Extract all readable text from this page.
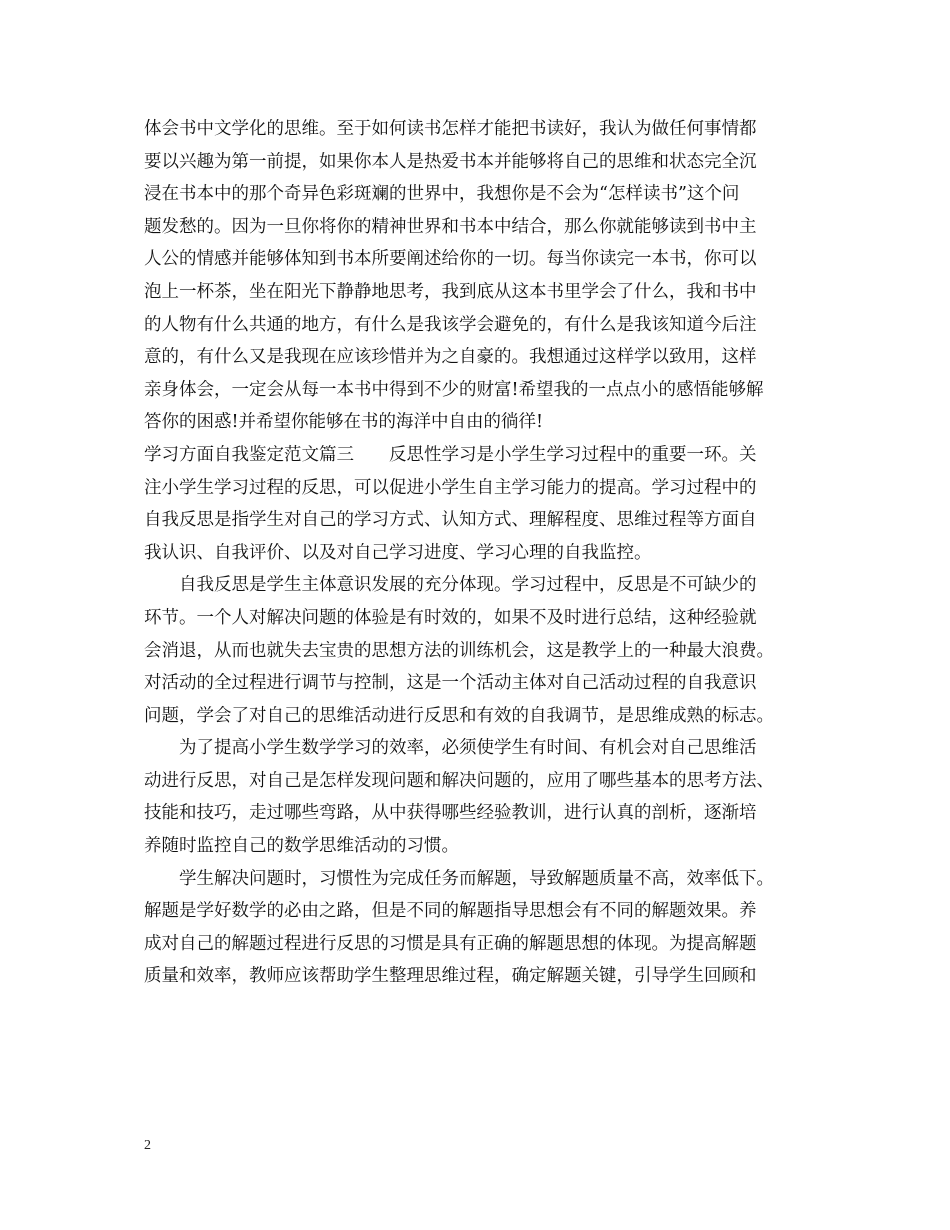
体会书中文学化的思维。至于如何读书怎样才能把书读好，我认为做任何事情都
要以兴趣为第一前提，如果你本人是热爱书本并能够将自己的思维和状态完全沉
浸在书本中的那个奇异色彩斑斓的世界中，我想你是不会为“怎样读书”这个问
题发愁的。因为一旦你将你的精神世界和书本中结合，那么你就能够读到书中主
人公的情感并能够体知到书本所要阐述给你的一切。每当你读完一本书，你可以
泡上一杯茶，坐在阳光下静静地思考，我到底从这本书里学会了什么，我和书中
的人物有什么共通的地方，有什么是我该学会避免的，有什么是我该知道今后注
意的，有什么又是我现在应该珍惜并为之自豪的。我想通过这样学以致用，这样
亲身体会，一定会从每一本书中得到不少的财富!希望我的一点点小的感悟能够解
答你的困惑!并希望你能够在书的海洋中自由的徜徉!
学习方面自我鉴定范文篇三　　反思性学习是小学生学习过程中的重要一环。关
注小学生学习过程的反思，可以促进小学生自主学习能力的提高。学习过程中的
自我反思是指学生对自己的学习方式、认知方式、理解程度、思维过程等方面自
我认识、自我评价、以及对自己学习进度、学习心理的自我监控。
自我反思是学生主体意识发展的充分体现。学习过程中，反思是不可缺少的
环节。一个人对解决问题的体验是有时效的，如果不及时进行总结，这种经验就
会消退，从而也就失去宝贵的思想方法的训练机会，这是教学上的一种最大浪费。
对活动的全过程进行调节与控制，这是一个活动主体对自己活动过程的自我意识
问题，学会了对自己的思维活动进行反思和有效的自我调节，是思维成熟的标志。
为了提高小学生数学学习的效率，必须使学生有时间、有机会对自己思维活
动进行反思，对自己是怎样发现问题和解决问题的，应用了哪些基本的思考方法、
技能和技巧，走过哪些弯路，从中获得哪些经验教训，进行认真的剖析，逐渐培
养随时监控自己的数学思维活动的习惯。
学生解决问题时，习惯性为完成任务而解题，导致解题质量不高，效率低下。
解题是学好数学的必由之路，但是不同的解题指导思想会有不同的解题效果。养
成对自己的解题过程进行反思的习惯是具有正确的解题思想的体现。为提高解题
质量和效率，教师应该帮助学生整理思维过程，确定解题关键，引导学生回顾和
2
